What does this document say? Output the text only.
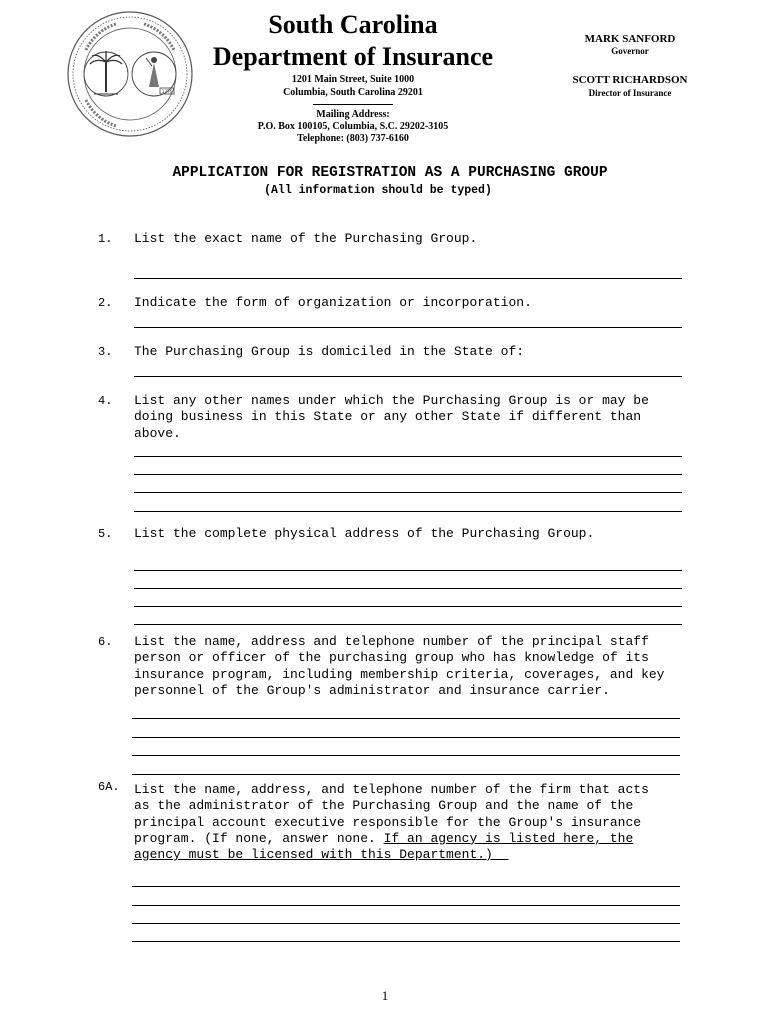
1776
South Carolina
Department of Insurance
1201 Main Street, Suite 1000
Columbia, South Carolina 29201
Mailing Address:
P.O. Box 100105, Columbia, S.C. 29202-3105
Telephone: (803) 737-6160
MARK SANFORD
Governor
SCOTT RICHARDSON
Director of Insurance
APPLICATION FOR REGISTRATION AS A PURCHASING GROUP
(All information should be typed)
1. List the exact name of the Purchasing Group.
2. Indicate the form of organization or incorporation.
3. The Purchasing Group is domiciled in the State of:
4. List any other names under which the Purchasing Group is or may be
doing business in this State or any other State if different than
above.
5. List the complete physical address of the Purchasing Group.
6. List the name, address and telephone number of the principal staff
person or officer of the purchasing group who has knowledge of its
insurance program, including membership criteria, coverages, and key
personnel of the Group's administrator and insurance carrier.
6A. List the name, address, and telephone number of the firm that acts
as the administrator of the Purchasing Group and the name of the
principal account executive responsible for the Group's insurance
program. (If none, answer none. If an agency is listed here, the
agency must be licensed with this Department.)
1
